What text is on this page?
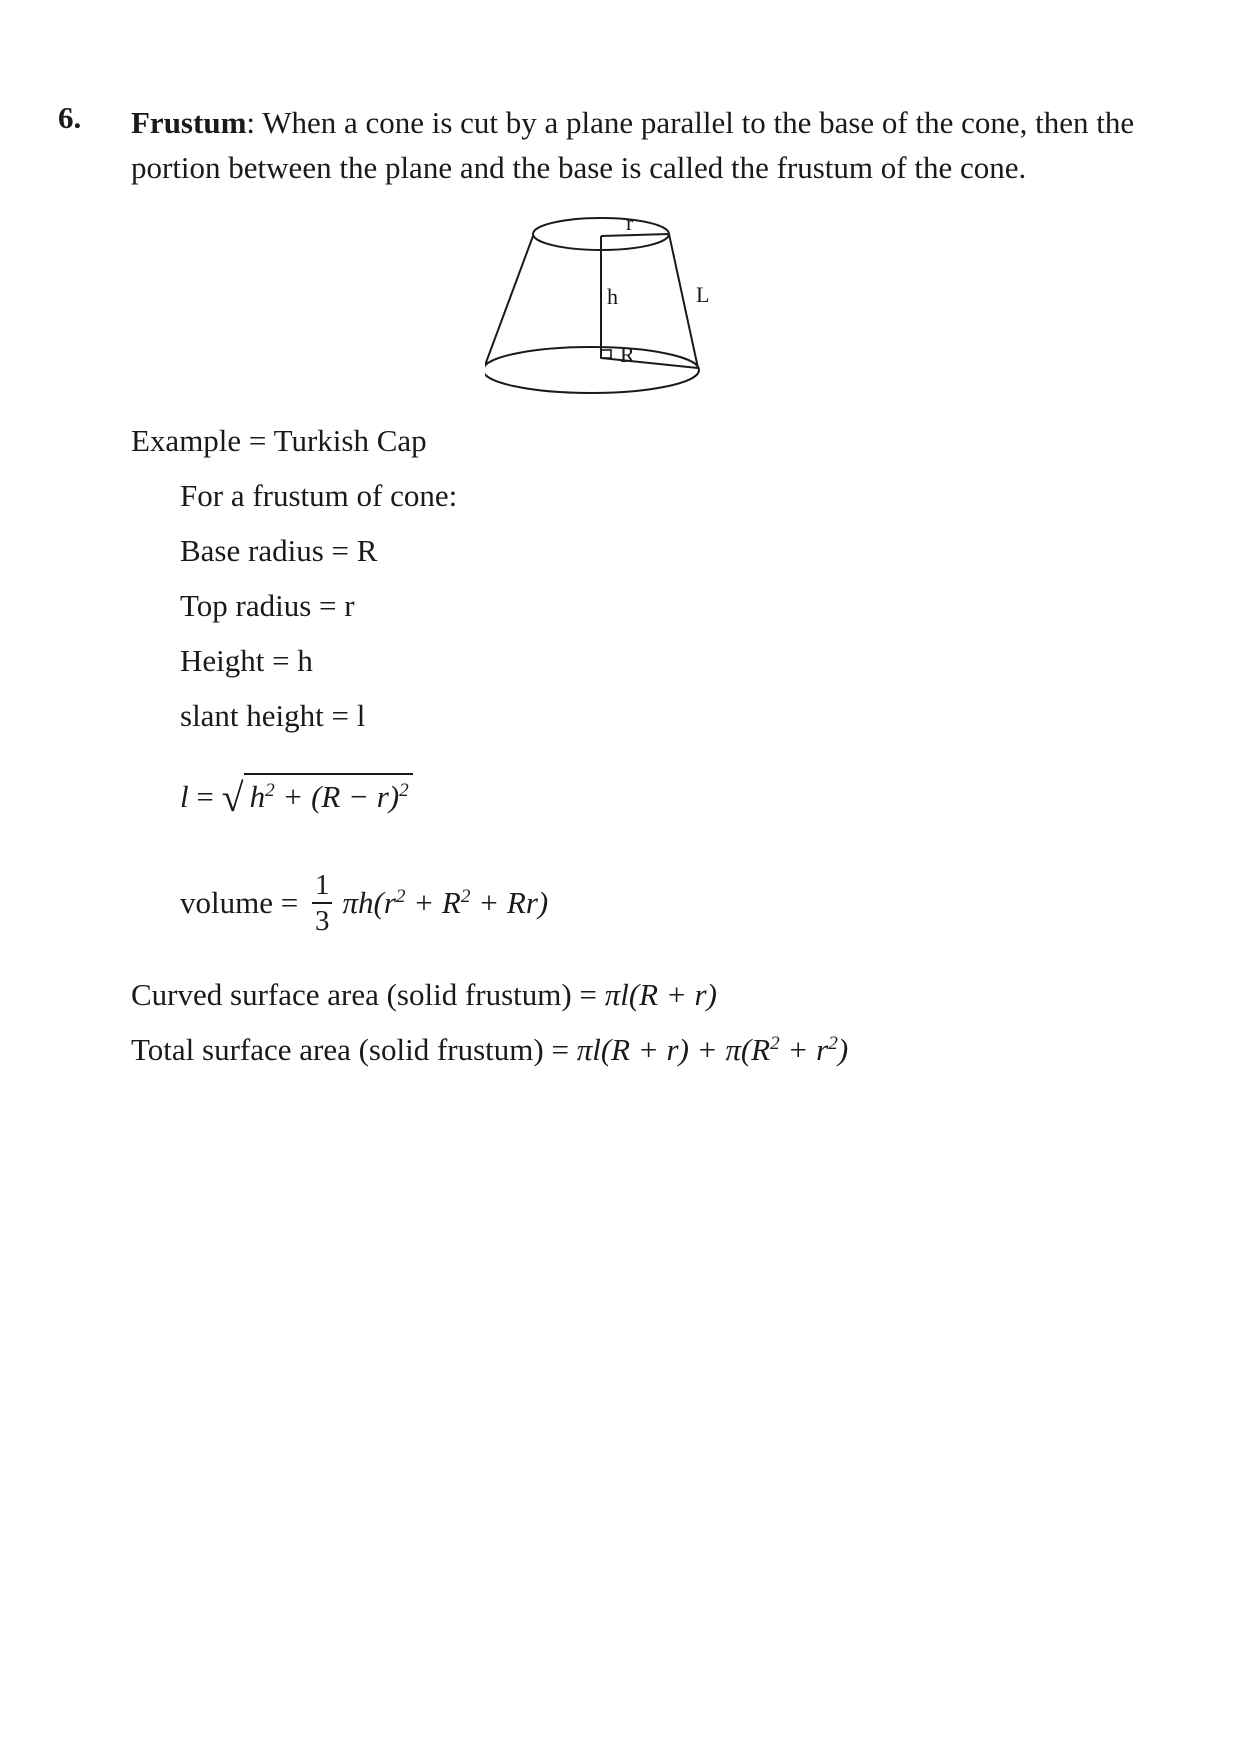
6. Frustum: When a cone is cut by a plane parallel to the base of the cone, then the portion between the plane and the base is called the frustum of the cone.
r
h	L
R
Example = Turkish Cap
For a frustum of cone:
Base radius = R
Top radius = r
Height = h
slant height = l
l = √ $h^2 + (R - r)^2$
volume = $\frac{1}{3} \pi h(r^2 + R^2 + Rr)$
Curved surface area (solid frustum) = πl(R + r)
Total surface area (solid frustum) = $\pi l(R + r) + \pi(R^2 + r^2)$
